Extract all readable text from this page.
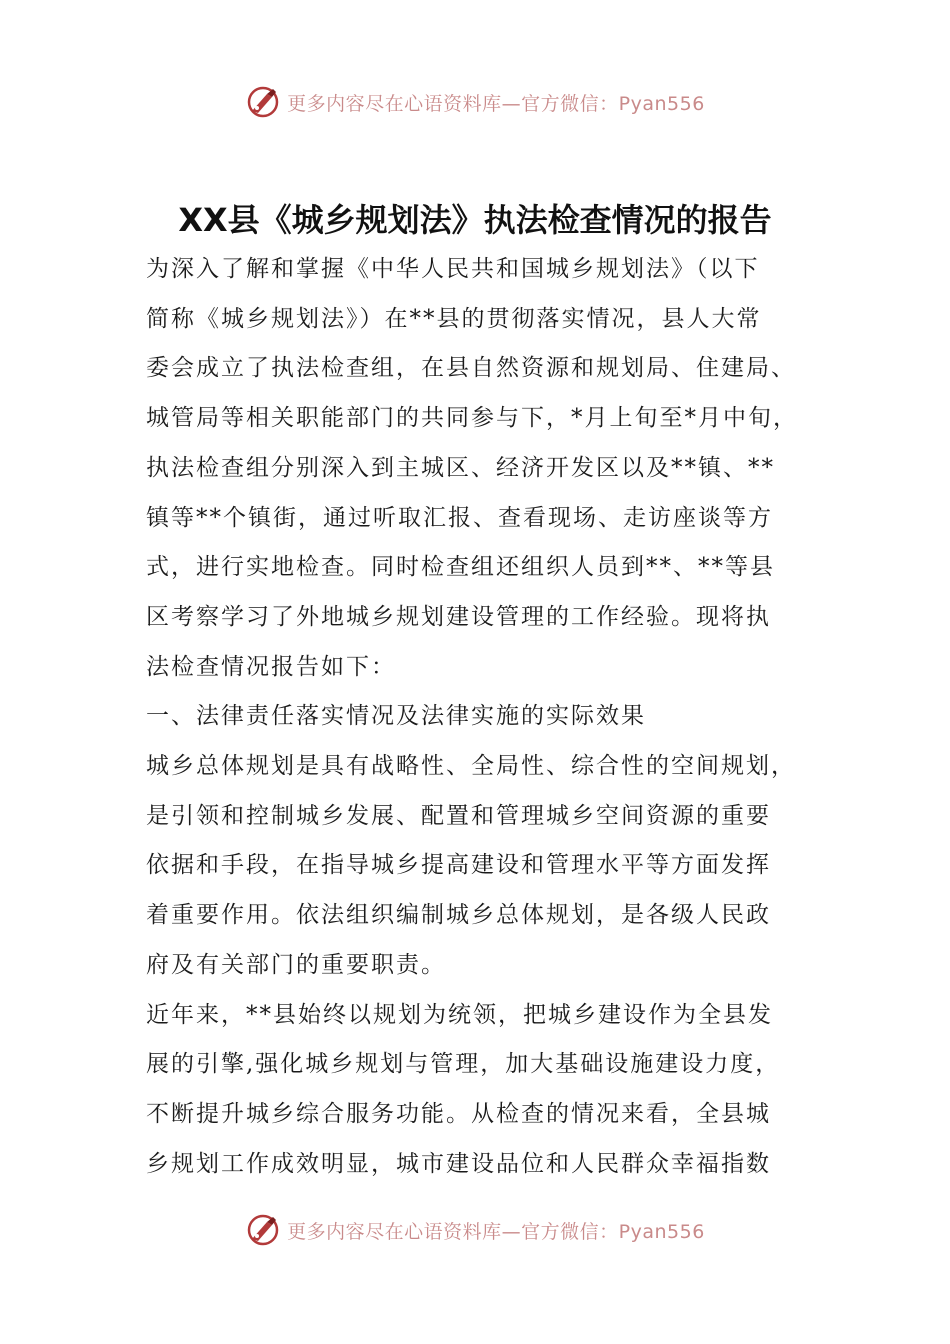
更多内容尽在心语资料库—官方微信：Pyan556
XX县《城乡规划法》执法检查情况的报告

为深入了解和掌握《中华人民共和国城乡规划法》（以下
简称《城乡规划法》）在**县的贯彻落实情况，县人大常
委会成立了执法检查组，在县自然资源和规划局、住建局、
城管局等相关职能部门的共同参与下，*月上旬至*月中旬，
执法检查组分别深入到主城区、经济开发区以及**镇、**
镇等**个镇街，通过听取汇报、查看现场、走访座谈等方
式，进行实地检查。同时检查组还组织人员到**、**等县
区考察学习了外地城乡规划建设管理的工作经验。现将执
法检查情况报告如下：

一、法律责任落实情况及法律实施的实际效果

城乡总体规划是具有战略性、全局性、综合性的空间规划，
是引领和控制城乡发展、配置和管理城乡空间资源的重要
依据和手段，在指导城乡提高建设和管理水平等方面发挥
着重要作用。依法组织编制城乡总体规划，是各级人民政
府及有关部门的重要职责。

近年来，**县始终以规划为统领，把城乡建设作为全县发
展的引擎,强化城乡规划与管理，加大基础设施建设力度，
不断提升城乡综合服务功能。从检查的情况来看，全县城
乡规划工作成效明显，城市建设品位和人民群众幸福指数

更多内容尽在心语资料库—官方微信：Pyan556
